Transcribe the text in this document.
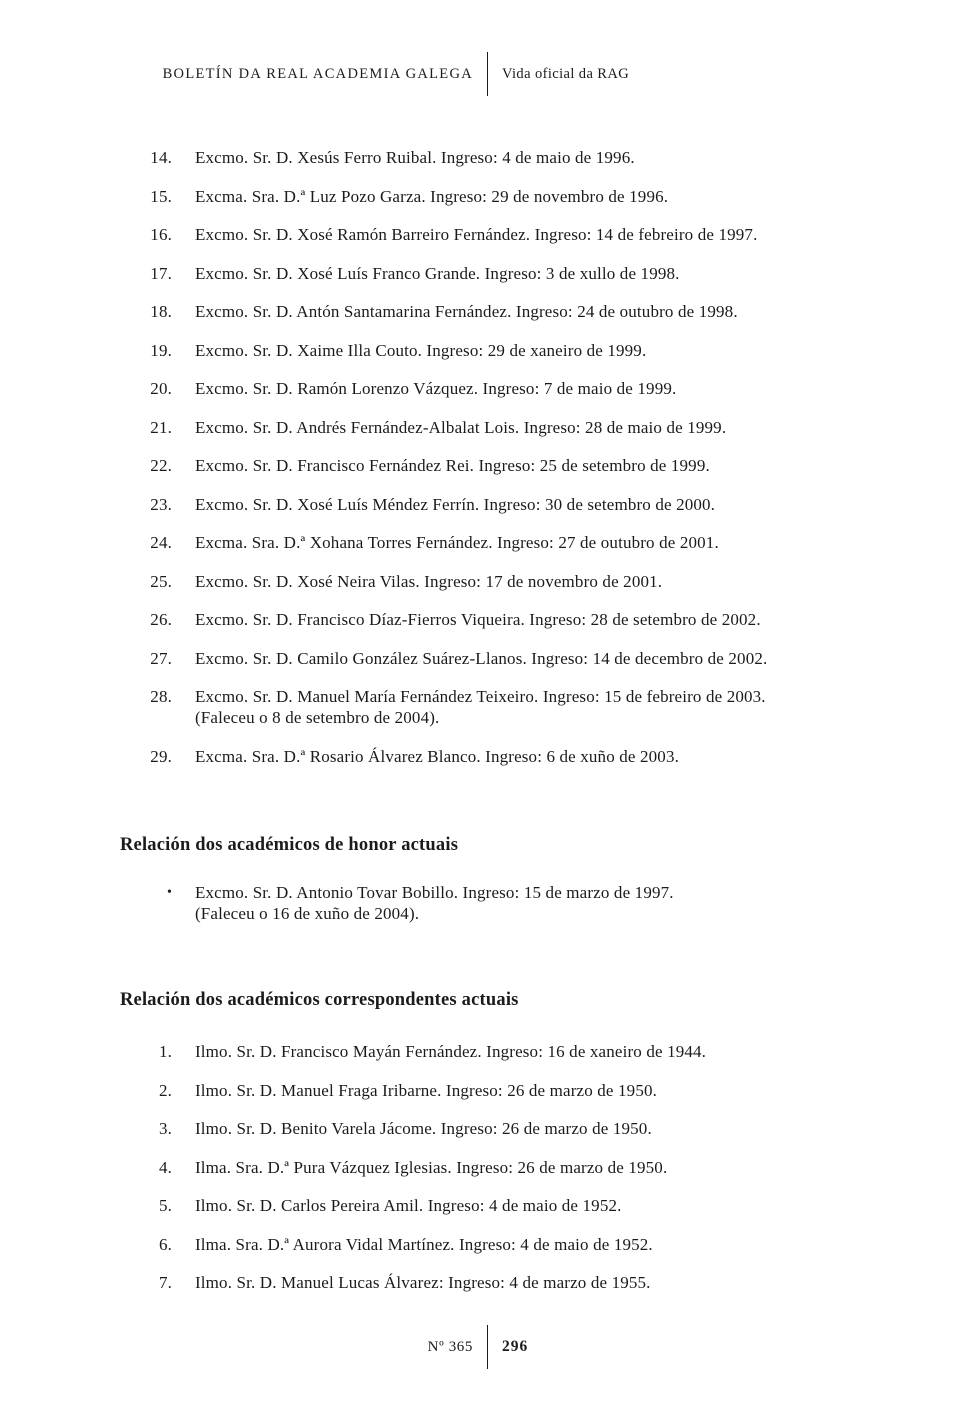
BOLETÍN DA REAL ACADEMIA GALEGA Vida oficial da RAG
14. Excmo. Sr. D. Xesús Ferro Ruibal. Ingreso: 4 de maio de 1996.
15. Excma. Sra. D.ª Luz Pozo Garza. Ingreso: 29 de novembro de 1996.
16. Excmo. Sr. D. Xosé Ramón Barreiro Fernández. Ingreso: 14 de febreiro de 1997.
17. Excmo. Sr. D. Xosé Luís Franco Grande. Ingreso: 3 de xullo de 1998.
18. Excmo. Sr. D. Antón Santamarina Fernández. Ingreso: 24 de outubro de 1998.
19. Excmo. Sr. D. Xaime Illa Couto. Ingreso: 29 de xaneiro de 1999.
20. Excmo. Sr. D. Ramón Lorenzo Vázquez. Ingreso: 7 de maio de 1999.
21. Excmo. Sr. D. Andrés Fernández-Albalat Lois. Ingreso: 28 de maio de 1999.
22. Excmo. Sr. D. Francisco Fernández Rei. Ingreso: 25 de setembro de 1999.
23. Excmo. Sr. D. Xosé Luís Méndez Ferrín. Ingreso: 30 de setembro de 2000.
24. Excma. Sra. D.ª Xohana Torres Fernández. Ingreso: 27 de outubro de 2001.
25. Excmo. Sr. D. Xosé Neira Vilas. Ingreso: 17 de novembro de 2001.
26. Excmo. Sr. D. Francisco Díaz-Fierros Viqueira. Ingreso: 28 de setembro de 2002.
27. Excmo. Sr. D. Camilo González Suárez-Llanos. Ingreso: 14 de decembro de 2002.
28. Excmo. Sr. D. Manuel María Fernández Teixeiro. Ingreso: 15 de febreiro de 2003.
(Faleceu o 8 de setembro de 2004).
29. Excma. Sra. D.ª Rosario Álvarez Blanco. Ingreso: 6 de xuño de 2003.
Relación dos académicos de honor actuais
• Excmo. Sr. D. Antonio Tovar Bobillo. Ingreso: 15 de marzo de 1997.
(Faleceu o 16 de xuño de 2004).
Relación dos académicos correspondentes actuais
1. Ilmo. Sr. D. Francisco Mayán Fernández. Ingreso: 16 de xaneiro de 1944.
2. Ilmo. Sr. D. Manuel Fraga Iribarne. Ingreso: 26 de marzo de 1950.
3. Ilmo. Sr. D. Benito Varela Jácome. Ingreso: 26 de marzo de 1950.
4. Ilma. Sra. D.ª Pura Vázquez Iglesias. Ingreso: 26 de marzo de 1950.
5. Ilmo. Sr. D. Carlos Pereira Amil. Ingreso: 4 de maio de 1952.
6. Ilma. Sra. D.ª Aurora Vidal Martínez. Ingreso: 4 de maio de 1952.
7. Ilmo. Sr. D. Manuel Lucas Álvarez: Ingreso: 4 de marzo de 1955.
Nº 365 296
